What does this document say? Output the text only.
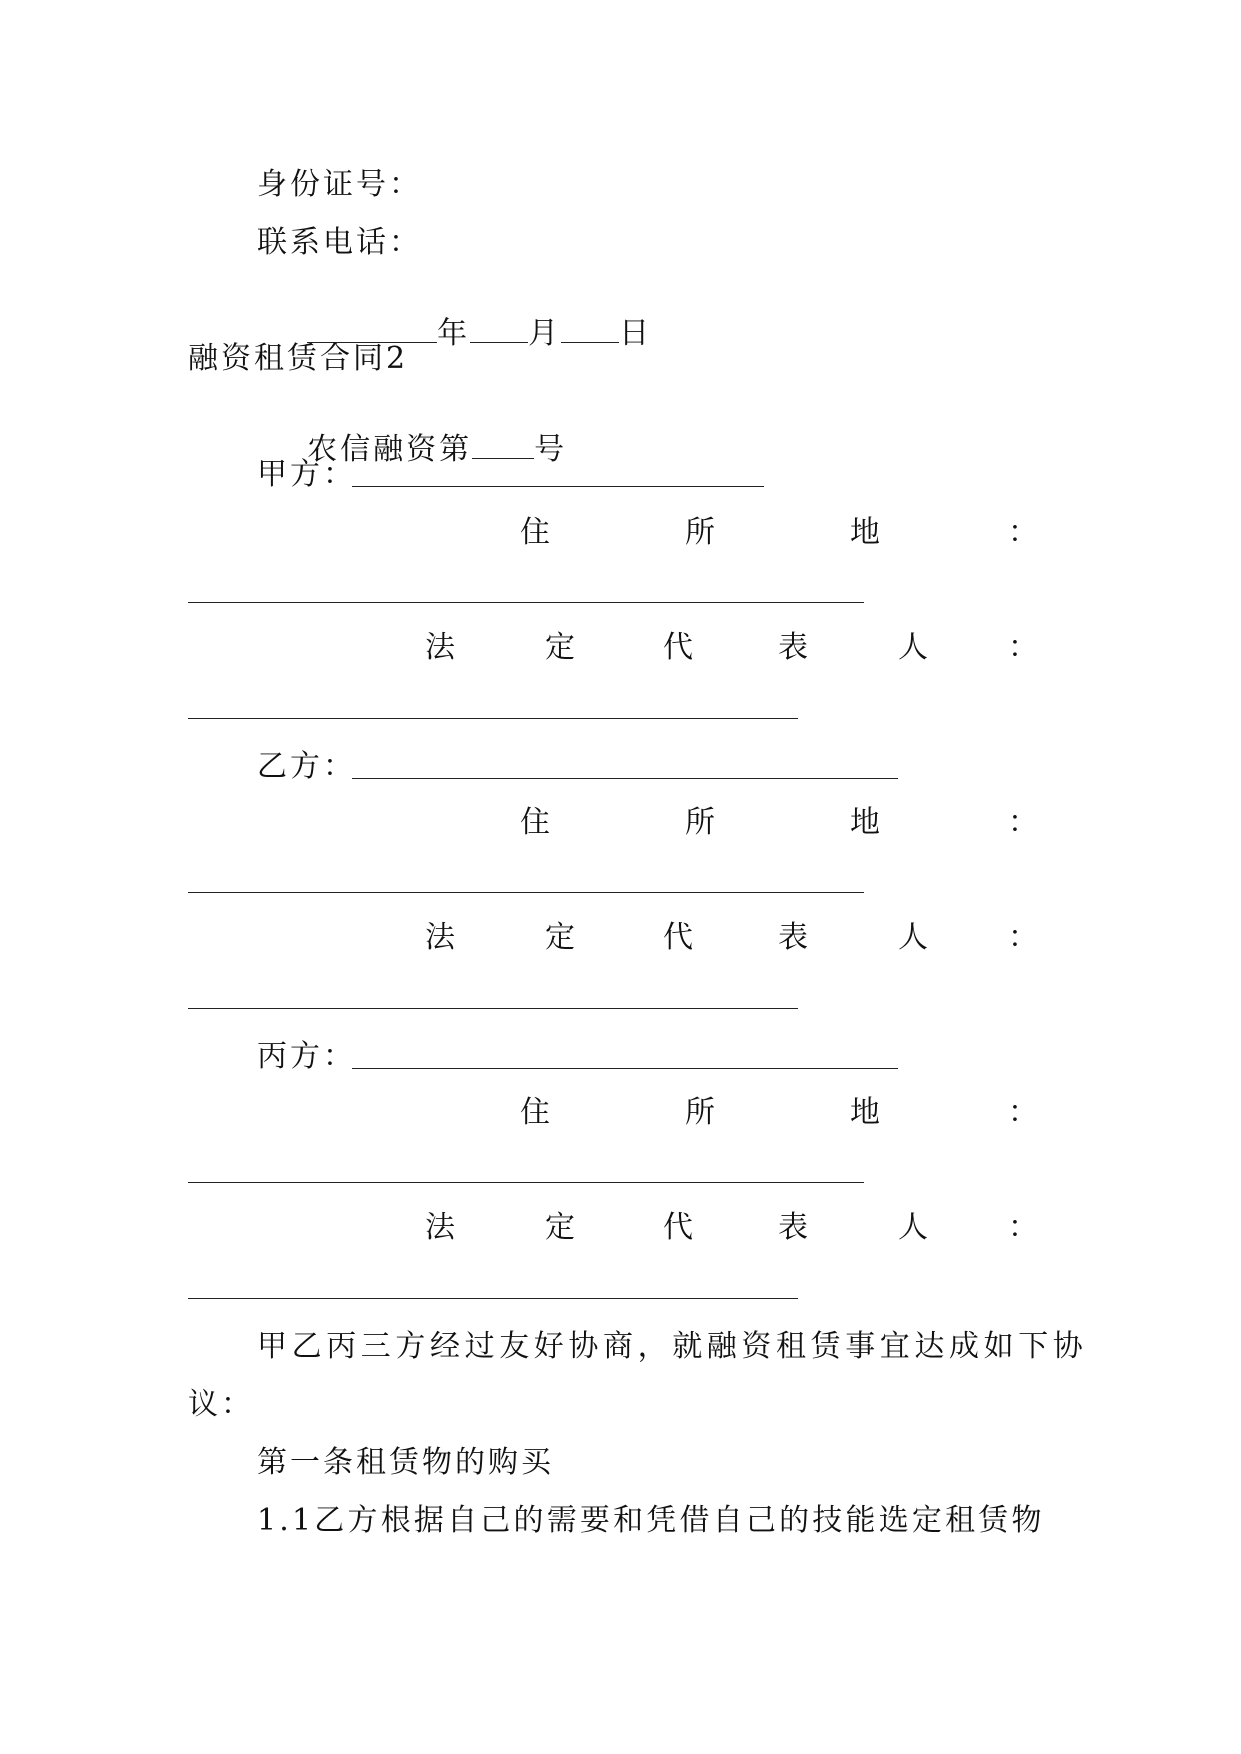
身份证号：
联系电话：

年 月 日

融资租赁合同2

农信融资第 号

甲方：
住	所	地	：
法	定	代	表	人	：
乙方：
住	所	地	：
法	定	代	表	人	：
丙方：
住	所	地	：
法	定	代	表	人	：
甲乙丙三方经过友好协商，就融资租赁事宜达成如下协
议：
第一条租赁物的购买
1.1乙方根据自己的需要和凭借自己的技能选定租赁物
